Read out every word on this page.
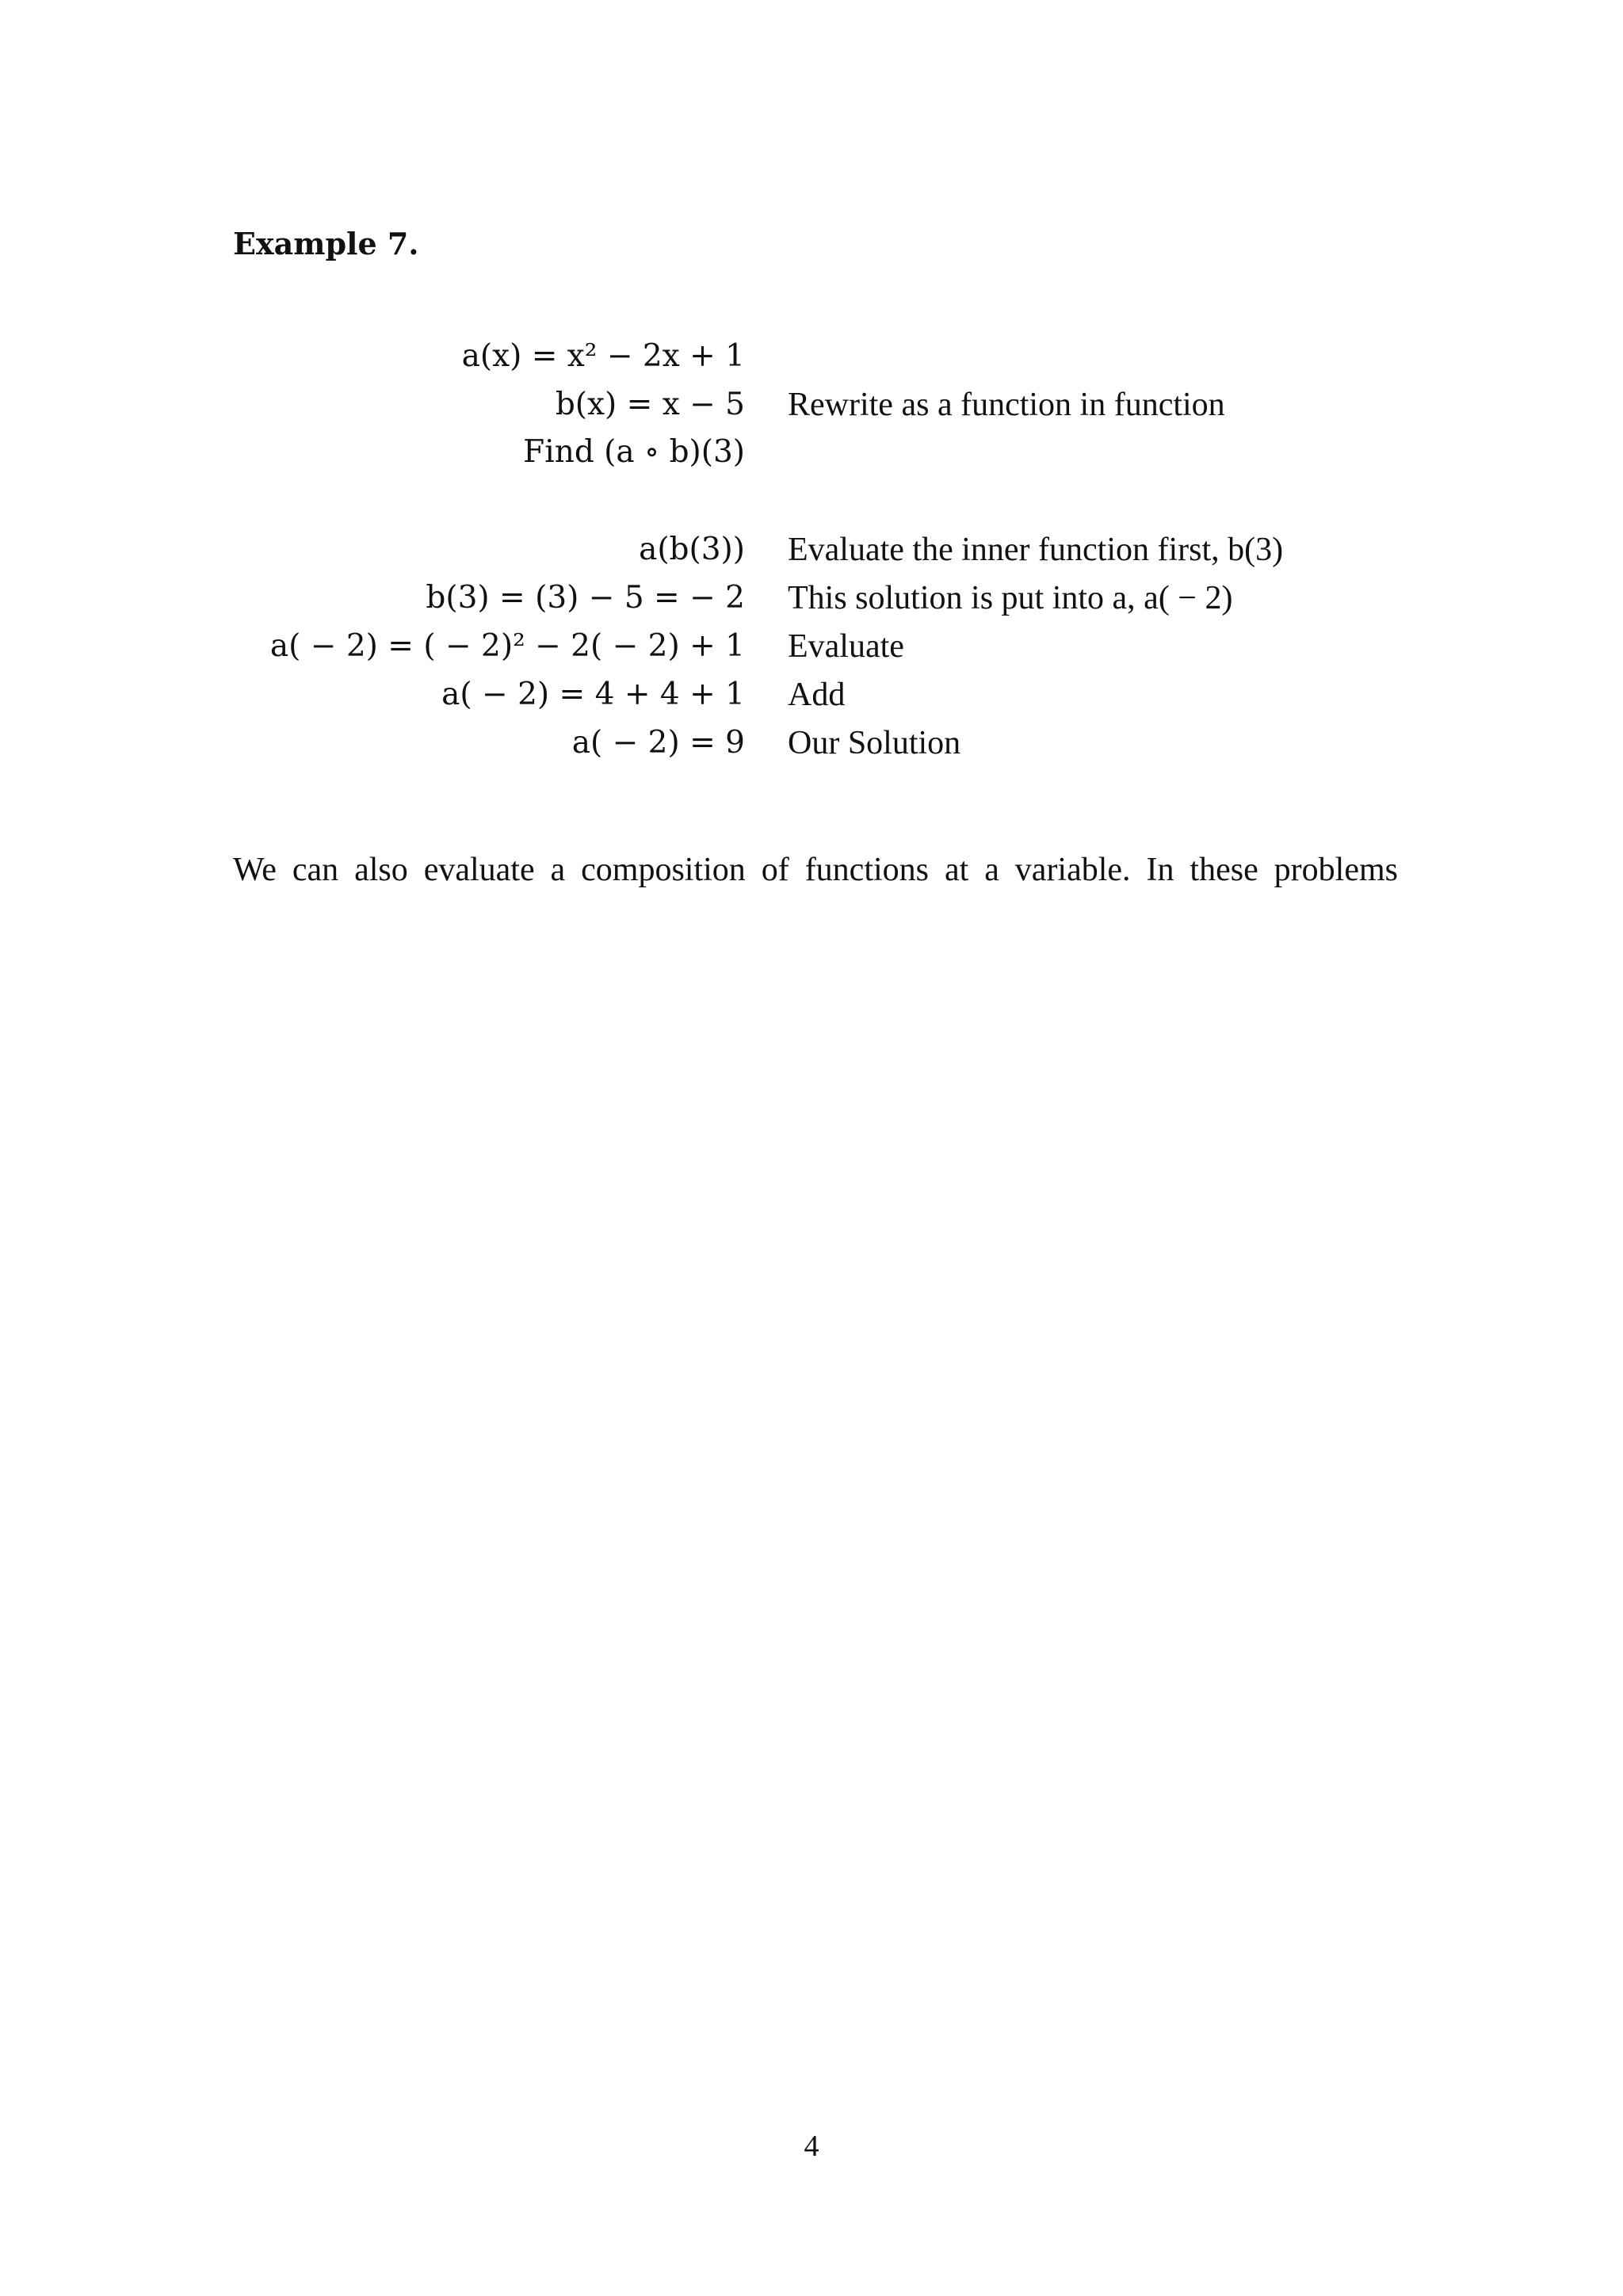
Example 7.
a(x) = x² − 2x + 1
b(x) = x − 5 Rewrite as a function in function
Find (a ∘ b)(3)
a(b(3)) Evaluate the inner function first, b(3)
b(3) = (3) − 5 = − 2 This solution is put into a, a( − 2)
a( − 2) = ( − 2)² − 2( − 2) + 1 Evaluate
a( − 2) = 4 + 4 + 1 Add
a( − 2) = 9 Our Solution
We can also evaluate a composition of functions at a variable. In these problems
4
